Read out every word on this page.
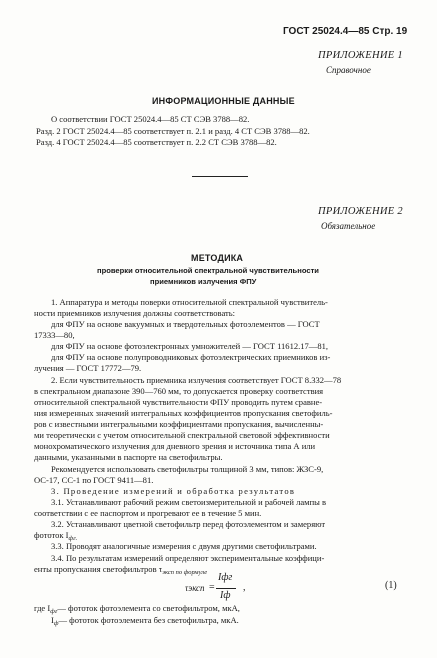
ГОСТ 25024.4—85 Стр. 19
ПРИЛОЖЕНИЕ 1
Справочное
ИНФОРМАЦИОННЫЕ ДАННЫЕ
О соответствии ГОСТ 25024.4—85 СТ СЭВ 3788—82.
Разд. 2 ГОСТ 25024.4—85 соответствует п. 2.1 и разд. 4 СТ СЭВ 3788—82.
Разд. 4 ГОСТ 25024.4—85 соответствует п. 2.2 СТ СЭВ 3788—82.
ПРИЛОЖЕНИЕ 2
Обязательное
МЕТОДИКА
проверки относительной спектральной чувствительности
приемников излучения ФПУ
1. Аппаратура и методы поверки относительной спектральной чувствитель-
ности приемников излучения должны соответствовать:
для ФПУ на основе вакуумных и твердотельных фотоэлементов — ГОСТ
17333—80,
для ФПУ на основе фотоэлектронных умножителей — ГОСТ 11612.17—81,
для ФПУ на основе полупроводниковых фотоэлектрических приемников из-
лучения — ГОСТ 17772—79.
2. Если чувствительность приемника излучения соответствует ГОСТ 8.332—78
в спектральном диапазоне 390—760 мм, то допускается проверку соответствия
относительной спектральной чувствительности ФПУ проводить путем сравне-
ния измеренных значений интегральных коэффициентов пропускания светофиль-
ров с известными интегральными коэффициентами пропускания, вычисленны-
ми теоретически с учетом относительной спектральной световой эффективности
монохроматического излучения для дневного зрения и источника типа А или
данными, указанными в паспорте на светофильтры.
Рекомендуется использовать светофильтры толщиной 3 мм, типов: ЖЗС-9,
ОС-17, СС-1 по ГОСТ 9411—81.
3. Проведение измерений и обработка результатов
3.1. Устанавливают рабочий режим светоизмерительной и рабочей лампы в
соответствии с ее паспортом и прогревают ее в течение 5 мин.
3.2. Устанавливают цветной светофильтр перед фотоэлементом и замеряют
фототок $I_{фг.}$
3.3. Проводят аналогичные измерения с двумя другими светофильтрами.
3.4. По результатам измерений определяют экспериментальные коэффици-
енты пропускания светофильтров $\tau_{эксп по формуле}$
τэксп
Iфг
=
Iф
,	(1)
где $I_{фг}—$ фототок фотоэлемента со светофильтром, мкА,
$I_ф—$ фототок фотоэлемента без светофильтра, мкА.
